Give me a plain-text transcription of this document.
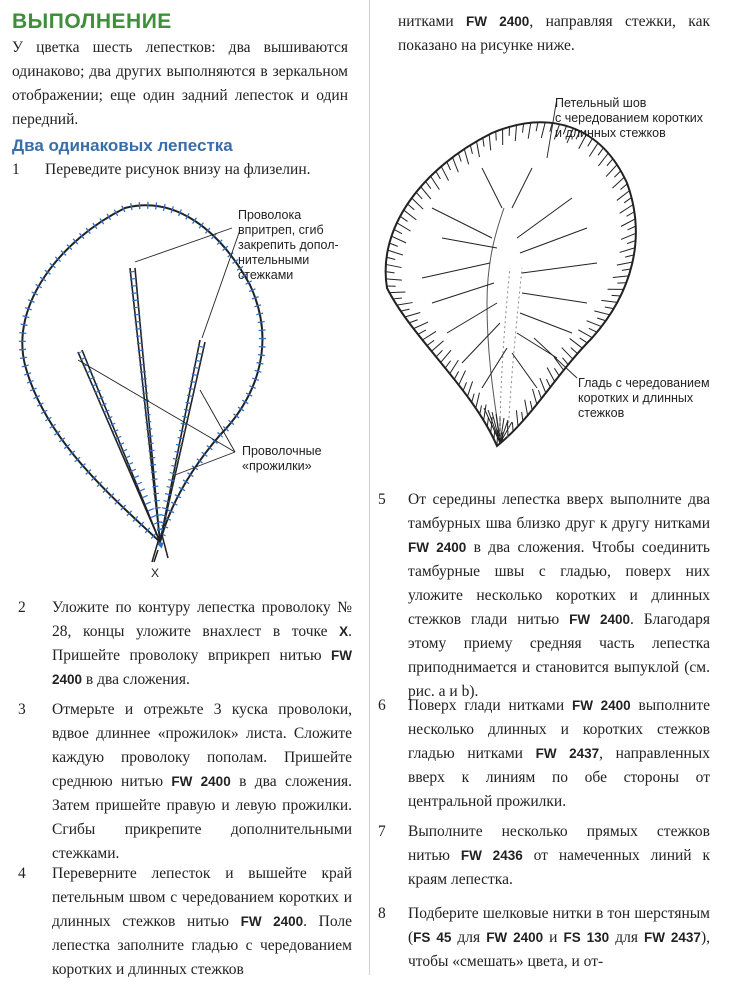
ВЫПОЛНЕНИЕ

У цветка шесть лепестков: два вышиваются одинаково; два других выполняются в зеркальном отображении; еще один задний лепесток и один передний.

Два одинаковых лепестка
1	Переведите рисунок внизу на флизелин.

Проволока
впритреп, сгиб
закрепить допол-
нительными
стежками
Проволочные
«прожилки»
X
2	Уложите по контуру лепестка проволоку № 28, концы уложите внахлест в точке X. Пришейте проволоку вприкреп нитью FW 2400 в два сложения.

3	Отмерьте и отрежьте 3 куска проволоки, вдвое длиннее «прожилок» листа. Сложите каждую проволоку пополам. Пришейте среднюю нитью FW 2400 в два сложения. Затем пришейте правую и левую прожилки. Сгибы прикрепите дополнительными стежками.

4	Переверните лепесток и вышейте край петельным швом с чередованием коротких и длинных стежков нитью FW 2400. Поле лепестка заполните гладью с чередованием коротких и длинных стежков

нитками FW 2400, направляя стежки, как показано на рисунке ниже.

Петельный шов
с чередованием коротких
и длинных стежков
Гладь с чередованием
коротких и длинных
стежков
5	От середины лепестка вверх выполните два тамбурных шва близко друг к другу нитками FW 2400 в два сложения. Чтобы соединить тамбурные швы с гладью, поверх них уложите несколько коротких и длинных стежков глади нитью FW 2400. Благодаря этому приему средняя часть лепестка приподнимается и становится выпуклой (см. рис. а и b).

6	Поверх глади нитками FW 2400 выполните несколько длинных и коротких стежков гладью нитками FW 2437, направленных вверх к линиям по обе стороны от центральной прожилки.

7	Выполните несколько прямых стежков нитью FW 2436 от намеченных линий к краям лепестка.

8	Подберите шелковые нитки в тон шерстяным (FS 45 для FW 2400 и FS 130 для FW 2437), чтобы «смешать» цвета, и от-
